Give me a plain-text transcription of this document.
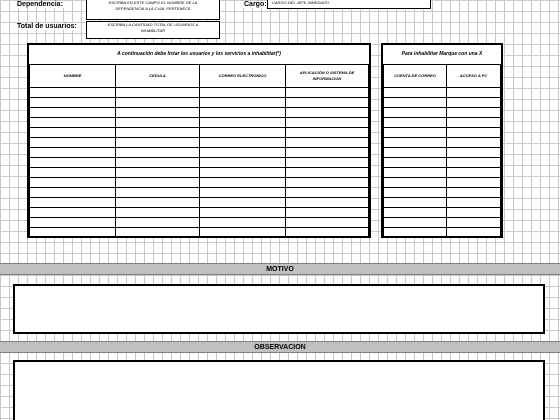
Dependencia:	ESCRIBA EN ESTE CAMPO EL NOMBRE DE LA
DEPENDENCIA A LA CUAL PERTENECE
Cargo: CARGO DEL JEFE INMEDIATO
Total de usuarios:	ESCRIBA LA CANTIDAD TOTAL DE USUARIOS A
INHABILITAR
A continuación debe listar los usuarios y los servicios a inhabilitar(*)
NOMBRE	CEDULA	CORREO ELECTRONICO	APLICACIÓN O SISTEMA DE INFORMACION

Para inhabilitar Marque con una X
CUENTA DE CORREO	ACCESO A PC

MOTIVO
OBSERVACION
